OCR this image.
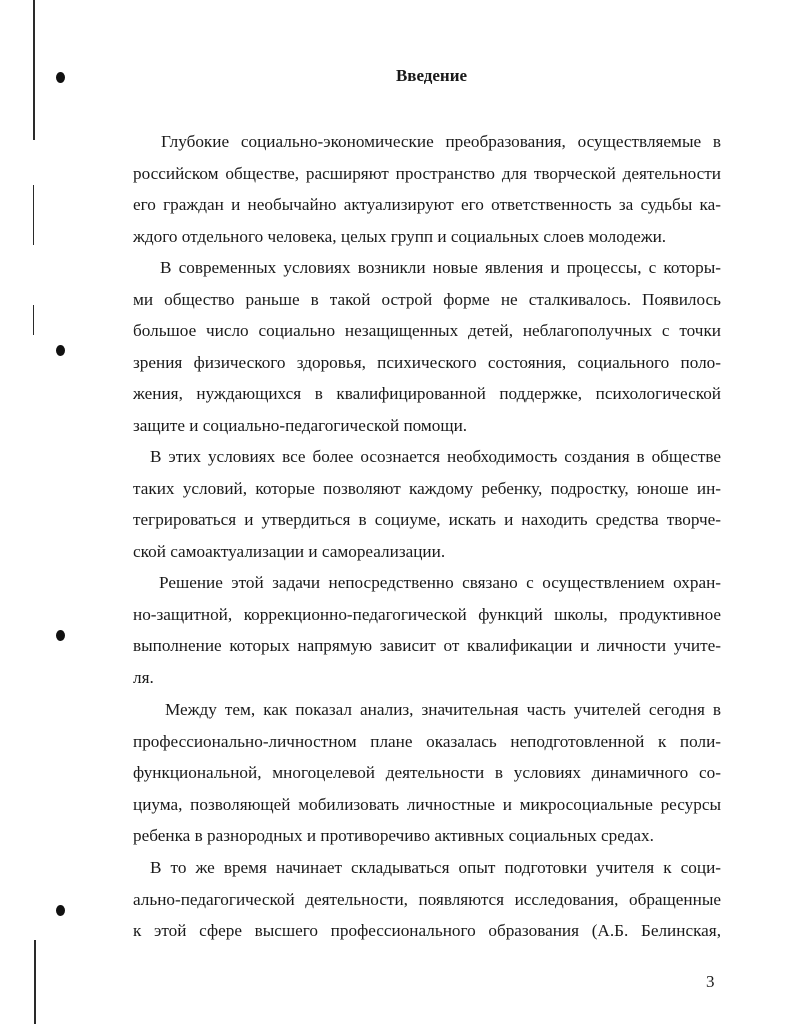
Введение
Глубокие социально-экономические преобразования, осуществляемые в
российском обществе, расширяют пространство для творческой деятельности
его граждан и необычайно актуализируют его ответственность за судьбы ка-
ждого отдельного человека, целых групп и социальных слоев молодежи.
В современных условиях возникли новые явления и процессы, с которы-
ми общество раньше в такой острой форме не сталкивалось. Появилось
большое число социально незащищенных детей, неблагополучных с точки
зрения физического здоровья, психического состояния, социального поло-
жения, нуждающихся в квалифицированной поддержке, психологической
защите и социально-педагогической помощи.
В этих условиях все более осознается необходимость создания в обществе
таких условий, которые позволяют каждому ребенку, подростку, юноше ин-
тегрироваться и утвердиться в социуме, искать и находить средства творче-
ской самоактуализации и самореализации.
Решение этой задачи непосредственно связано с осуществлением охран-
но-защитной, коррекционно-педагогической функций школы, продуктивное
выполнение которых напрямую зависит от квалификации и личности учите-
ля.
Между тем, как показал анализ, значительная часть учителей сегодня в
профессионально-личностном плане оказалась неподготовленной к поли-
функциональной, многоцелевой деятельности в условиях динамичного со-
циума, позволяющей мобилизовать личностные и микросоциальные ресурсы
ребенка в разнородных и противоречиво активных социальных средах.
В то же время начинает складываться опыт подготовки учителя к соци-
ально-педагогической деятельности, появляются исследования, обращенные
к этой сфере высшего профессионального образования (А.Б. Белинская,
3
